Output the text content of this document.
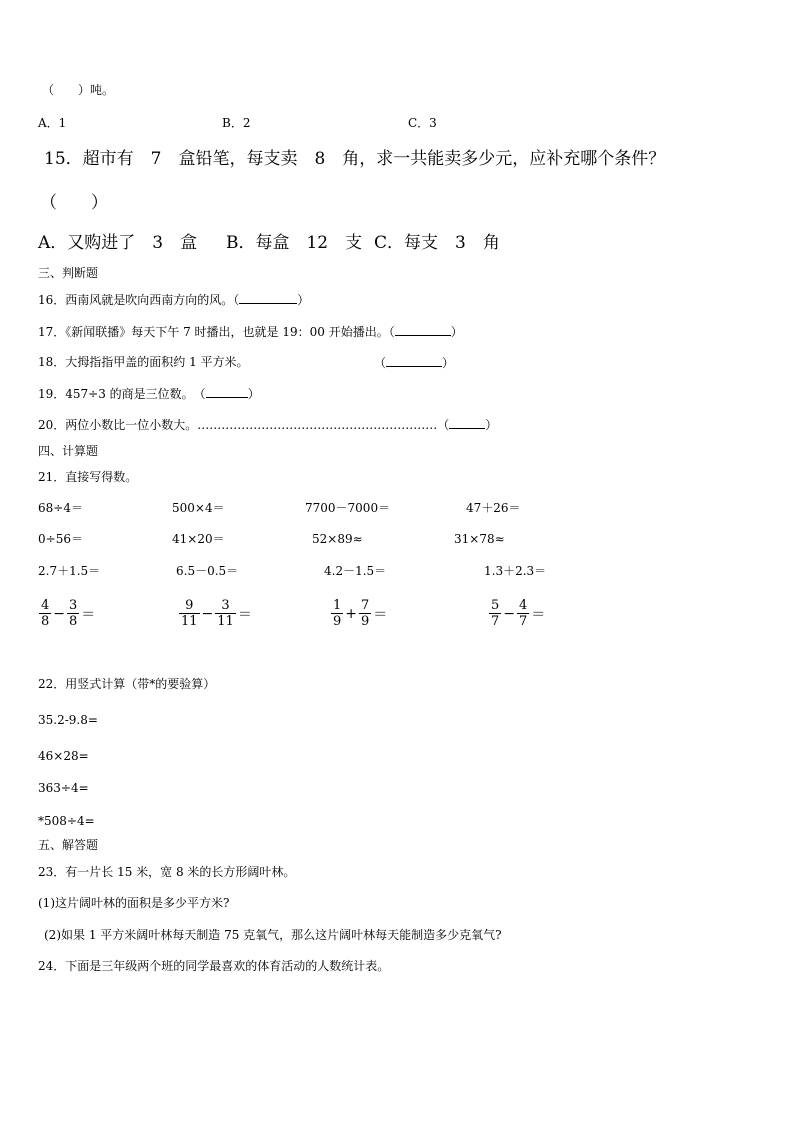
（　　）吨。
A．1	B．2	C．3
15．超市有　7　盒铅笔，每支卖　8　角，求一共能卖多少元，应补充哪个条件？
（　　）
A．又购进了　3　盒 B．每盒　12　支 C．每支　3　角
三、判断题
16．西南风就是吹向西南方向的风。（	）
17．《新闻联播》每天下午 7 时播出，也就是 19：00 开始播出。（	）
18．大拇指指甲盖的面积约 1 平方米。	（	）
19．457÷3 的商是三位数。　（	）
20．两位小数比一位小数大。……………………………………………………（	）
四、计算题
21．直接写得数。
68÷4＝	500×4＝	7700－7000＝	47＋26＝
0÷56＝	41×20＝	52×89≈	31×78≈
2.7＋1.5＝	6.5－0.5＝	4.2－1.5＝	1.3＋2.3＝
$\frac{4}{8} - \frac{3}{8}$ ＝	$\frac{9}{11} - \frac{3}{11}$ ＝	$\frac{1}{9} + \frac{7}{9}$ ＝	$\frac{5}{7} - \frac{4}{7}$ ＝
22．用竖式计算（带*的要验算）
35.2-9.8=
46×28=
363÷4=
*508÷4=
五、解答题
23．有一片长 15 米，宽 8 米的长方形阔叶林。
(1)这片阔叶林的面积是多少平方米?
(2)如果 1 平方米阔叶林每天制造 75 克氧气，那么这片阔叶林每天能制造多少克氧气?
24．下面是三年级两个班的同学最喜欢的体育活动的人数统计表。
